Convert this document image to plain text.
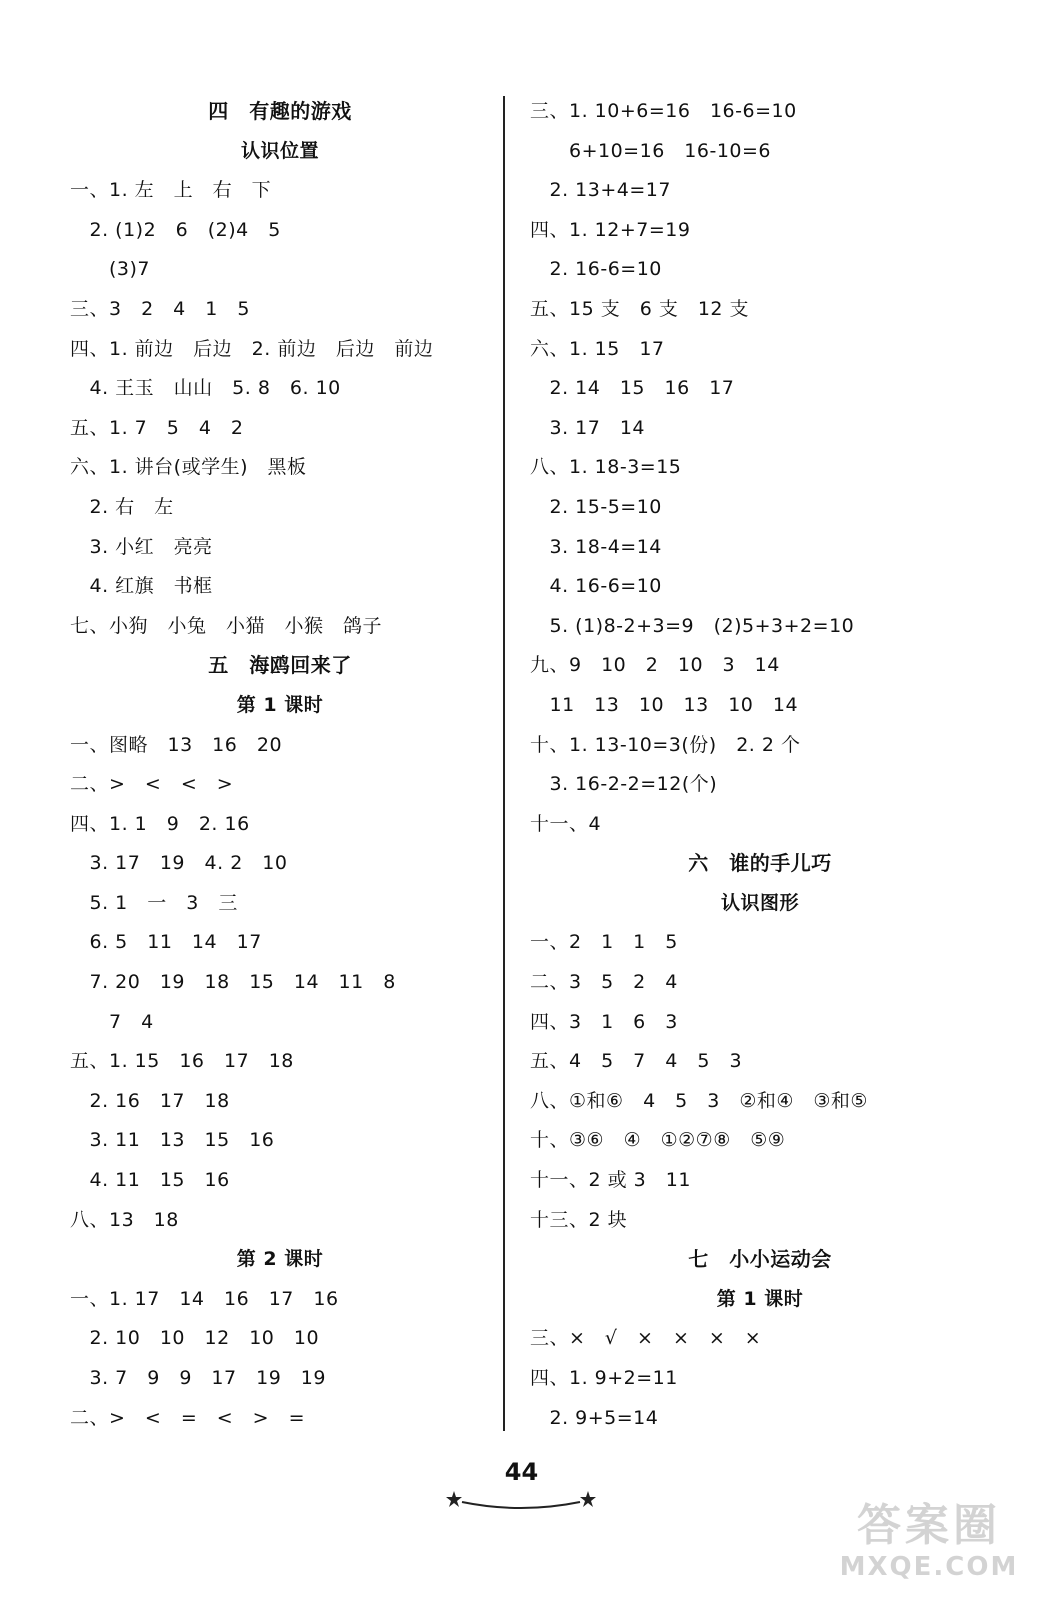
四　有趣的游戏
认识位置
一、1. 左　上　右　下
　2. (1)2　6　(2)4　5
　　(3)7
三、3　2　4　1　5
四、1. 前边　后边　2. 前边　后边　前边
　4. 王玉　山山　5. 8　6. 10
五、1. 7　5　4　2
六、1. 讲台(或学生)　黑板
　2. 右　左
　3. 小红　亮亮
　4. 红旗　书框
七、小狗　小兔　小猫　小猴　鸽子
五　海鸥回来了
第 1 课时
一、图略　13　16　20
二、>　<　<　>
四、1. 1　9　2. 16
　3. 17　19　4. 2　10
　5. 1　一　3　三
　6. 5　11　14　17
　7. 20　19　18　15　14　11　8
　　7　4
五、1. 15　16　17　18
　2. 16　17　18
　3. 11　13　15　16
　4. 11　15　16
八、13　18
第 2 课时
一、1. 17　14　16　17　16
　2. 10　10　12　10　10
　3. 7　9　9　17　19　19
二、>　<　=　<　>　=
三、1. 10+6=16　16-6=10
　　6+10=16　16-10=6
　2. 13+4=17
四、1. 12+7=19
　2. 16-6=10
五、15 支　6 支　12 支
六、1. 15　17
　2. 14　15　16　17
　3. 17　14
八、1. 18-3=15
　2. 15-5=10
　3. 18-4=14
　4. 16-6=10
　5. (1)8-2+3=9　(2)5+3+2=10
九、9　10　2　10　3　14
　11　13　10　13　10　14
十、1. 13-10=3(份)　2. 2 个
　3. 16-2-2=12(个)
十一、4
六　谁的手儿巧
认识图形
一、2　1　1　5
二、3　5　2　4
四、3　1　6　3
五、4　5　7　4　5　3
八、①和⑥　4　5　3　②和④　③和⑤
十、③⑥　④　①②⑦⑧　⑤⑨
十一、2 或 3　11
十三、2 块
七　小小运动会
第 1 课时
三、×　√　×　×　×　×
四、1. 9+2=11
　2. 9+5=14
44
答案圈
MXQE.COM
